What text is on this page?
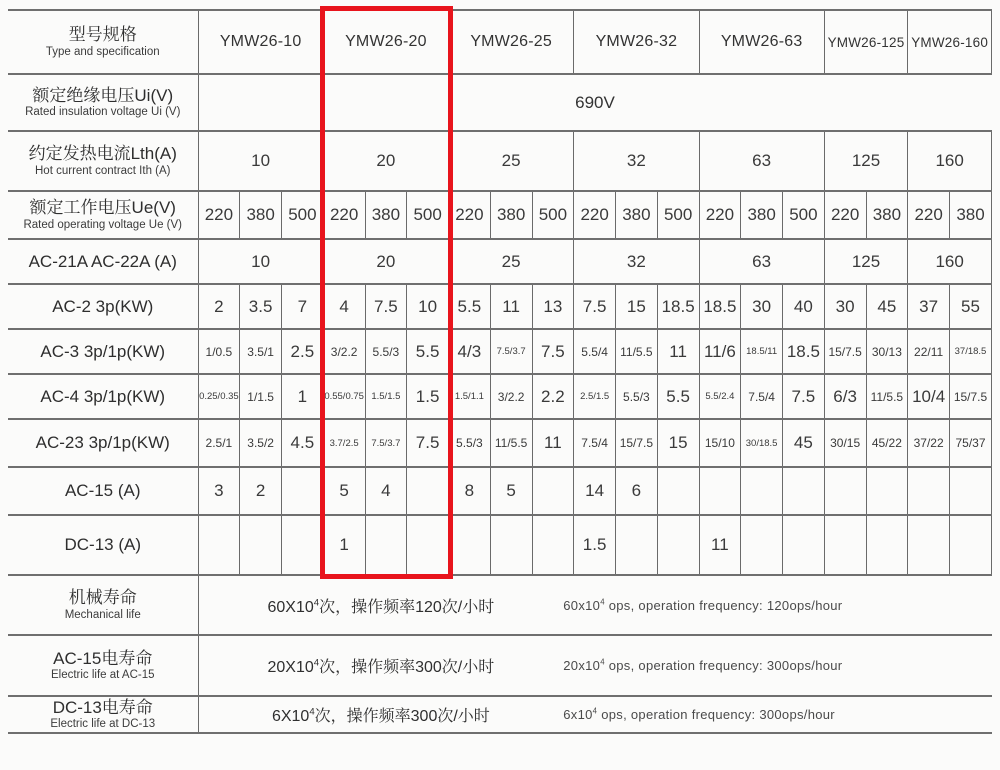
型号规格
Type and specification	YMW26-10			YMW26-20			YMW26-25			YMW26-32			YMW26-63			YMW26-125		YMW26-160	

额定绝缘电压Ui(V)
Rated insulation voltage Ui (V)	690V																		

约定发热电流Lth(A)
Hot current contract Ith (A)	10			20			25			32			63			125		160	

额定工作电压Ue(V)
Rated operating voltage Ue (V)	220	380	500	220	380	500	220	380	500	220	380	500	220	380	500	220	380	220	380

AC-21A AC-22A (A)	10			20			25			32			63			125		160	

AC-2 3p(KW)	2	3.5	7	4	7.5	10	5.5	11	13	7.5	15	18.5	18.5	30	40	30	45	37	55

AC-3 3p/1p(KW)	1/0.5	3.5/1	2.5	3/2.2	5.5/3	5.5	4/3	7.5/3.7	7.5	5.5/4	11/5.5	11	11/6	18.5/11	18.5	15/7.5	30/13	22/11	37/18.5

AC-4 3p/1p(KW)	0.25/0.35	1/1.5	1	0.55/0.75	1.5/1.5	1.5	1.5/1.1	3/2.2	2.2	2.5/1.5	5.5/3	5.5	5.5/2.4	7.5/4	7.5	6/3	11/5.5	10/4	15/7.5

AC-23 3p/1p(KW)	2.5/1	3.5/2	4.5	3.7/2.5	7.5/3.7	7.5	5.5/3	11/5.5	11	7.5/4	15/7.5	15	15/10	30/18.5	45	30/15	45/22	37/22	75/37

AC-15 (A)	3	2		5	4		8	5		14	6								

DC-13 (A)				1						1.5			11						

机械寿命
Mechanical life	$60X10^4$次，操作频率120次/小时	$60x10^4$ ops, operation frequency: 120ops/hour

AC-15电寿命
Electric life at AC-15	$20X10^4$次，操作频率300次/小时	$20x10^4$ ops, operation frequency: 300ops/hour

DC-13电寿命
Electric life at DC-13	$6X10^4$次，操作频率300次/小时	$6x10^4$ ops, operation frequency: 300ops/hour
